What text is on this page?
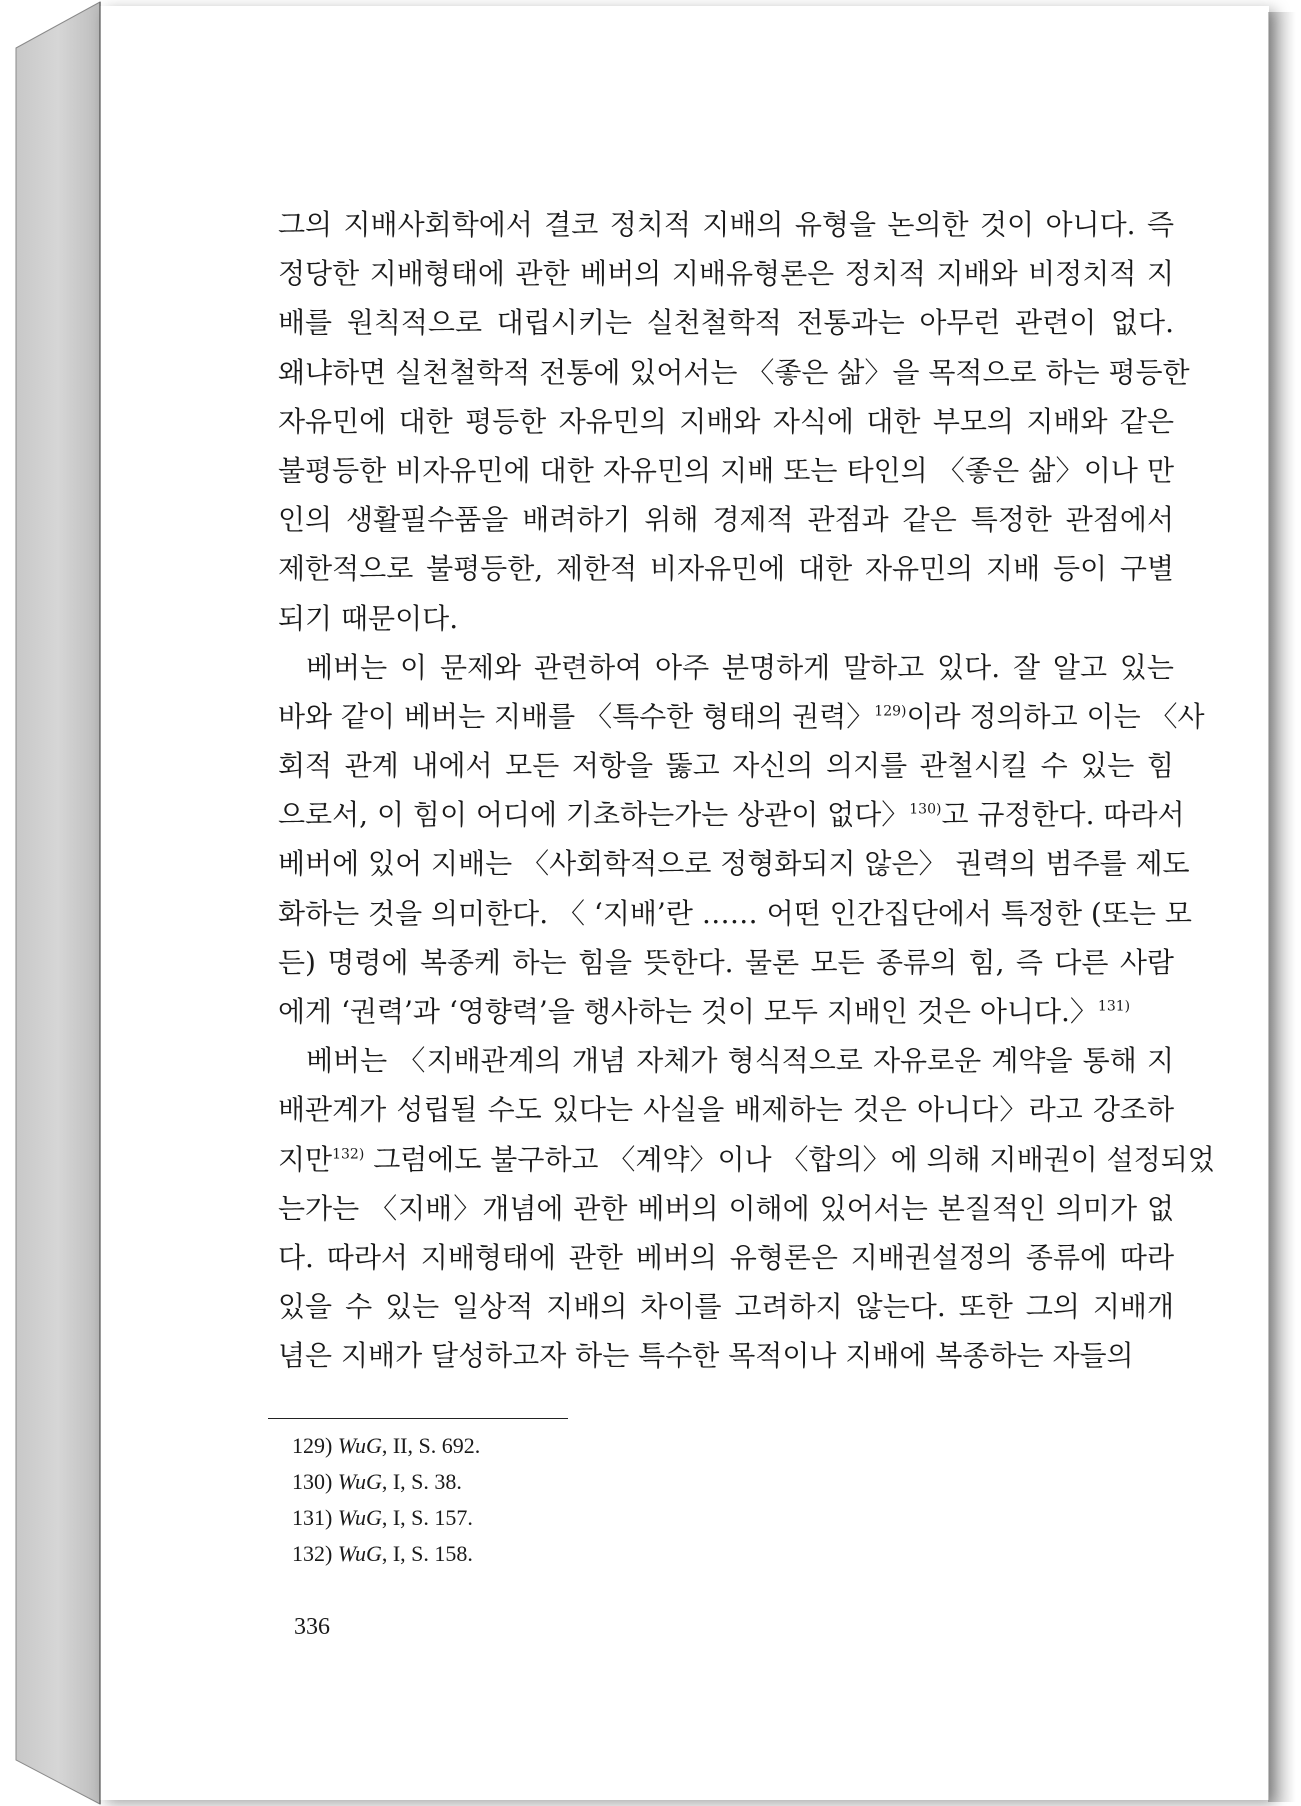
그의 지배사회학에서 결코 정치적 지배의 유형을 논의한 것이 아니다. 즉
정당한 지배형태에 관한 베버의 지배유형론은 정치적 지배와 비정치적 지
배를 원칙적으로 대립시키는 실천철학적 전통과는 아무런 관련이 없다.
왜냐하면 실천철학적 전통에 있어서는 〈좋은 삶〉을 목적으로 하는 평등한
자유민에 대한 평등한 자유민의 지배와 자식에 대한 부모의 지배와 같은
불평등한 비자유민에 대한 자유민의 지배 또는 타인의 〈좋은 삶〉이나 만
인의 생활필수품을 배려하기 위해 경제적 관점과 같은 특정한 관점에서
제한적으로 불평등한, 제한적 비자유민에 대한 자유민의 지배 등이 구별
되기 때문이다.
베버는 이 문제와 관련하여 아주 분명하게 말하고 있다. 잘 알고 있는
바와 같이 베버는 지배를 〈특수한 형태의 권력〉$^{129)}$이라 정의하고 이는 〈사
회적 관계 내에서 모든 저항을 뚫고 자신의 의지를 관철시킬 수 있는 힘
으로서, 이 힘이 어디에 기초하는가는 상관이 없다〉$^{130)}$고 규정한다. 따라서
베버에 있어 지배는 〈사회학적으로 정형화되지 않은〉 권력의 범주를 제도
화하는 것을 의미한다. 〈 ‘지배’란 …… 어떤 인간집단에서 특정한 (또는 모
든) 명령에 복종케 하는 힘을 뜻한다. 물론 모든 종류의 힘, 즉 다른 사람
에게 ‘권력’과 ‘영향력’을 행사하는 것이 모두 지배인 것은 아니다.〉$^{131)}$
베버는 〈지배관계의 개념 자체가 형식적으로 자유로운 계약을 통해 지
배관계가 성립될 수도 있다는 사실을 배제하는 것은 아니다〉라고 강조하
지만$^{132)}$ 그럼에도 불구하고 〈계약〉이나 〈합의〉에 의해 지배권이 설정되었
는가는 〈지배〉개념에 관한 베버의 이해에 있어서는 본질적인 의미가 없
다. 따라서 지배형태에 관한 베버의 유형론은 지배권설정의 종류에 따라
있을 수 있는 일상적 지배의 차이를 고려하지 않는다. 또한 그의 지배개
념은 지배가 달성하고자 하는 특수한 목적이나 지배에 복종하는 자들의
129) WuG, II, S. 692.
130) WuG, I, S. 38.
131) WuG, I, S. 157.
132) WuG, I, S. 158.
336
